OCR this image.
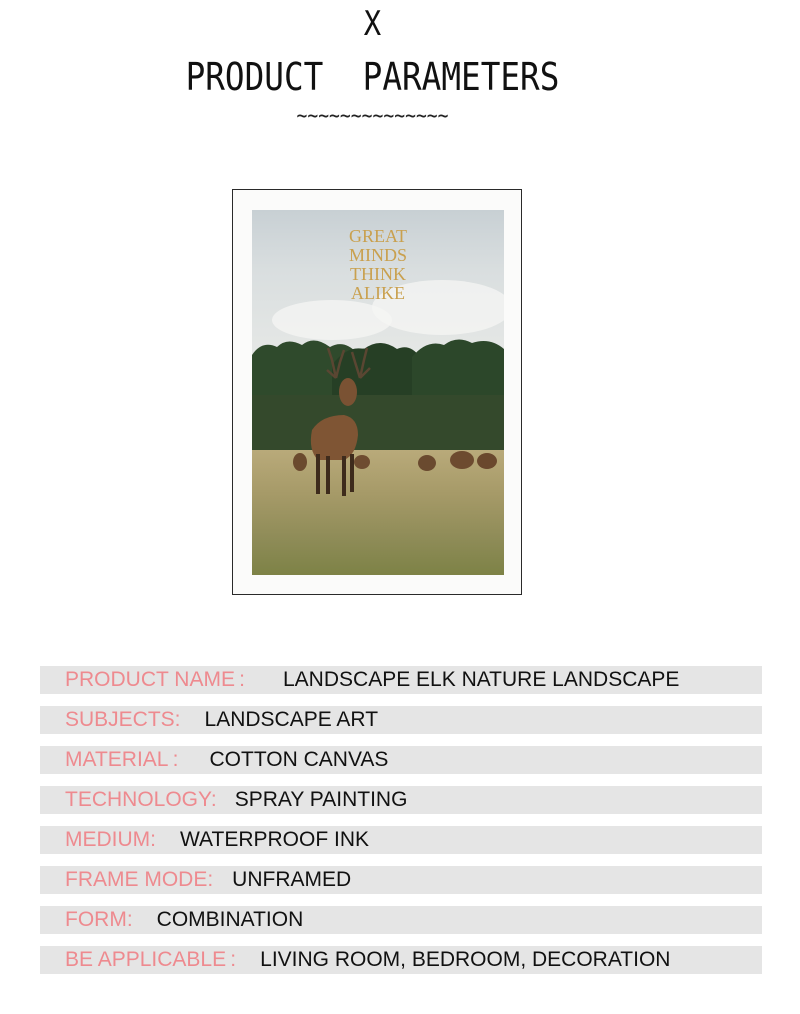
X
PRODUCT  PARAMETERS
~~~~~~~~~~~~~~
GREAT
MINDS
THINK
ALIKE
PRODUCT NAME : LANDSCAPE ELK NATURE LANDSCAPE
SUBJECTS: LANDSCAPE ART
MATERIAL : COTTON CANVAS
TECHNOLOGY: SPRAY PAINTING
MEDIUM: WATERPROOF INK
FRAME MODE: UNFRAMED
FORM: COMBINATION
BE APPLICABLE : LIVING ROOM, BEDROOM, DECORATION
